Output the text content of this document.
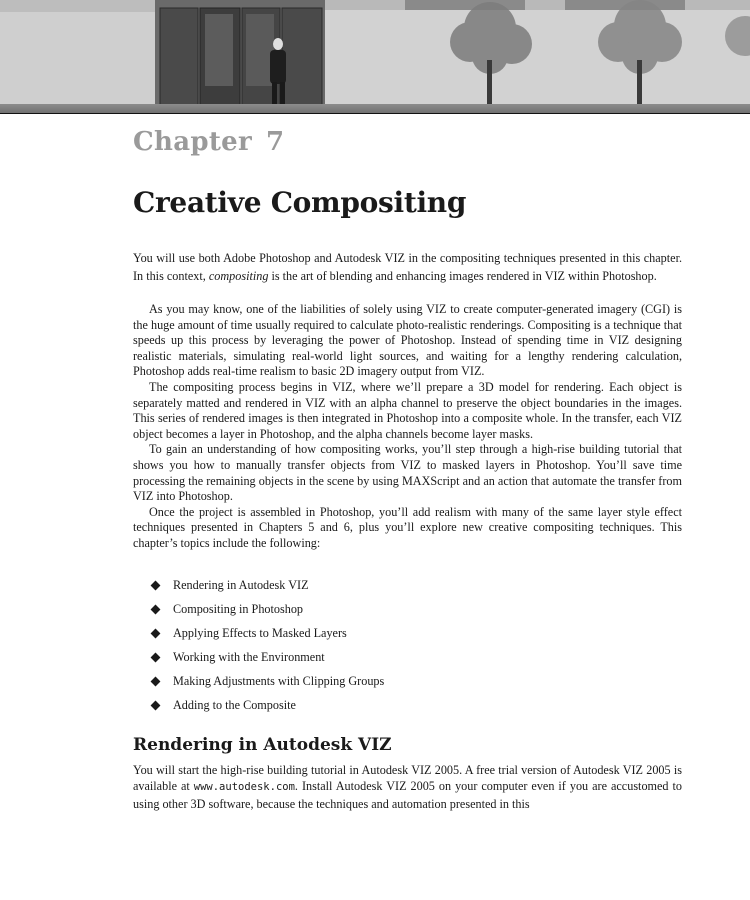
Chapter 7
Creative Compositing

You will use both Adobe Photoshop and Autodesk VIZ in the compositing techniques presented in this chapter. In this context, compositing is the art of blending and enhancing images rendered in VIZ within Photoshop.

As you may know, one of the liabilities of solely using VIZ to create computer-generated imagery (CGI) is the huge amount of time usually required to calculate photo-realistic renderings. Compositing is a technique that speeds up this process by leveraging the power of Photoshop. Instead of spending time in VIZ designing realistic materials, simulating real-world light sources, and waiting for a lengthy rendering calculation, Photoshop adds real-time realism to basic 2D imagery output from VIZ.

The compositing process begins in VIZ, where we’ll prepare a 3D model for rendering. Each object is separately matted and rendered in VIZ with an alpha channel to preserve the object boundaries in the images. This series of rendered images is then integrated in Photoshop into a composite whole. In the transfer, each VIZ object becomes a layer in Photoshop, and the alpha channels become layer masks.

To gain an understanding of how compositing works, you’ll step through a high-rise building tutorial that shows you how to manually transfer objects from VIZ to masked layers in Photoshop. You’ll save time processing the remaining objects in the scene by using MAXScript and an action that automate the transfer from VIZ into Photoshop.

Once the project is assembled in Photoshop, you’ll add realism with many of the same layer style effect techniques presented in Chapters 5 and 6, plus you’ll explore new creative compositing techniques. This chapter’s topics include the following:

Rendering in Autodesk VIZ
Compositing in Photoshop
Applying Effects to Masked Layers
Working with the Environment
Making Adjustments with Clipping Groups
Adding to the Composite
Rendering in Autodesk VIZ

You will start the high-rise building tutorial in Autodesk VIZ 2005. A free trial version of Autodesk VIZ 2005 is available at www.autodesk.com. Install Autodesk VIZ 2005 on your computer even if you are accustomed to using other 3D software, because the techniques and automation presented in this
